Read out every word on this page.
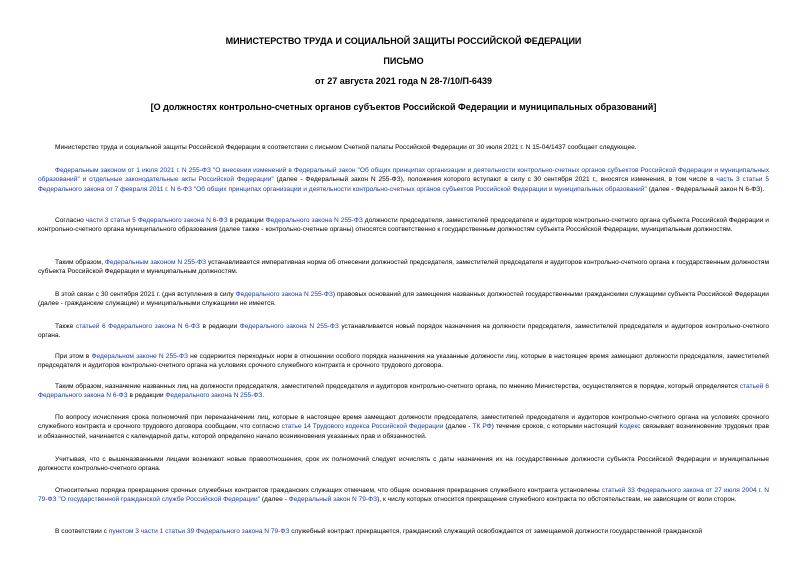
МИНИСТЕРСТВО ТРУДА И СОЦИАЛЬНОЙ ЗАЩИТЫ РОССИЙСКОЙ ФЕДЕРАЦИИ
ПИСЬМО
от 27 августа 2021 года N 28-7/10/П-6439
[О должностях контрольно-счетных органов субъектов Российской Федерации и муниципальных образований]

Министерство труда и социальной защиты Российской Федерации в соответствии с письмом Счетной палаты Российской Федерации от 30 июля 2021 г. N 15-04/1437 сообщает следующее.

Федеральным законом от 1 июля 2021 г. N 255-ФЗ "О внесении изменений в Федеральный закон "Об общих принципах организации и деятельности контрольно-счетных органов субъектов Российской Федерации и муниципальных образований" и отдельные законодательные акты Российской Федерации" (далее - Федеральный закон N 255-ФЗ), положения которого вступают в силу с 30 сентября 2021 г., вносятся изменения, в том числе в часть 3 статьи 5 Федерального закона от 7 февраля 2011 г. N 6-ФЗ "Об общих принципах организации и деятельности контрольно-счетных органов субъектов Российской Федерации и муниципальных образований" (далее - Федеральный закон N 6-ФЗ).

Согласно части 3 статьи 5 Федерального закона N 6-ФЗ в редакции Федерального закона N 255-ФЗ должности председателя, заместителей председателя и аудиторов контрольно-счетного органа субъекта Российской Федерации и контрольно-счетного органа муниципального образования (далее также - контрольно-счетные органы) относятся соответственно к государственным должностям субъекта Российской Федерации, муниципальным должностям.

Таким образом, Федеральным законом N 255-ФЗ устанавливается императивная норма об отнесении должностей председателя, заместителей председателя и аудиторов контрольно-счетного органа к государственным должностям субъекта Российской Федерации и муниципальным должностям.

В этой связи с 30 сентября 2021 г. (дня вступления в силу Федерального закона N 255-ФЗ) правовых оснований для замещения названных должностей государственными гражданскими служащими субъекта Российской Федерации (далее - гражданские служащие) и муниципальными служащими не имеется.

Также статьей 6 Федерального закона N 6-ФЗ в редакции Федерального закона N 255-ФЗ устанавливается новый порядок назначения на должности председателя, заместителей председателя и аудиторов контрольно-счетного органа.

При этом в Федеральном законе N 255-ФЗ не содержится переходных норм в отношении особого порядка назначения на указанные должности лиц, которые в настоящее время замещают должности председателя, заместителей председателя и аудиторов контрольно-счетного органа на условиях срочного служебного контракта и срочного трудового договора.

Таким образом, назначение названных лиц на должности председателя, заместителей председателя и аудиторов контрольно-счетного органа, по мнению Министерства, осуществляется в порядке, который определяется статьей 6 Федерального закона N 6-ФЗ в редакции Федерального закона N 255-ФЗ.

По вопросу исчисления срока полномочий при переназначении лиц, которые в настоящее время замещают должности председателя, заместителей председателя и аудиторов контрольно-счетного органа на условиях срочного служебного контракта и срочного трудового договора сообщаем, что согласно статье 14 Трудового кодекса Российской Федерации (далее - ТК РФ) течение сроков, с которыми настоящий Кодекс связывает возникновение трудовых прав и обязанностей, начинается с календарной даты, которой определено начало возникновения указанных прав и обязанностей.

Учитывая, что с вышеназванными лицами возникают новые правоотношения, срок их полномочий следует исчислять с даты назначения их на государственные должности субъекта Российской Федерации и муниципальные должности контрольно-счетного органа.

Относительно порядка прекращения срочных служебных контрактов гражданских служащих отмечаем, что общие основания прекращения служебного контракта установлены статьей 33 Федерального закона от 27 июля 2004 г. N 79-ФЗ "О государственной гражданской службе Российской Федерации" (далее - Федеральный закон N 79-ФЗ), к числу которых относится прекращение служебного контракта по обстоятельствам, не зависящим от воли сторон.

В соответствии с пунктом 3 части 1 статьи 39 Федерального закона N 79-ФЗ служебный контракт прекращается, гражданский служащий освобождается от замещаемой должности государственной гражданской
